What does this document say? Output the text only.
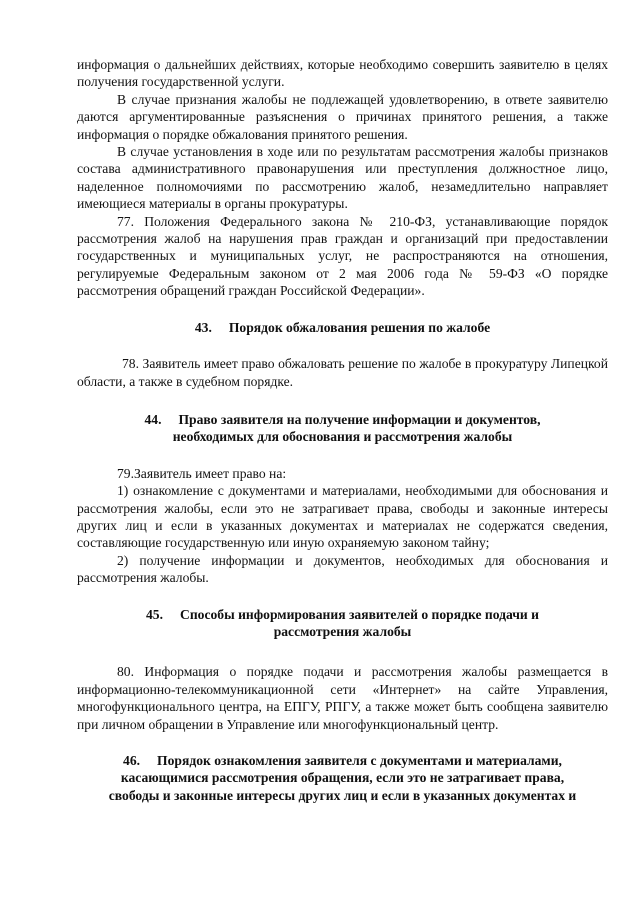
информация о дальнейших действиях, которые необходимо совершить заявителю в целях получения государственной услуги.

В случае признания жалобы не подлежащей удовлетворению, в ответе заявителю даются аргументированные разъяснения о причинах принятого решения, а также информация о порядке обжалования принятого решения.

В случае установления в ходе или по результатам рассмотрения жалобы признаков состава административного правонарушения или преступления должностное лицо, наделенное полномочиями по рассмотрению жалоб, незамедлительно направляет имеющиеся материалы в органы прокуратуры.

77. Положения Федерального закона № 210-ФЗ, устанавливающие порядок рассмотрения жалоб на нарушения прав граждан и организаций при предоставлении государственных и муниципальных услуг, не распространяются на отношения, регулируемые Федеральным законом от 2 мая 2006 года № 59-ФЗ «О порядке рассмотрения обращений граждан Российской Федерации».

43. Порядок обжалования решения по жалобе

78. Заявитель имеет право обжаловать решение по жалобе в прокуратуру Липецкой области, а также в судебном порядке.

44. Право заявителя на получение информации и документов,
необходимых для обоснования и рассмотрения жалобы

79.Заявитель имеет право на:

1) ознакомление с документами и материалами, необходимыми для обоснования и рассмотрения жалобы, если это не затрагивает права, свободы и законные интересы других лиц и если в указанных документах и материалах не содержатся сведения, составляющие государственную или иную охраняемую законом тайну;

2) получение информации и документов, необходимых для обоснования и рассмотрения жалобы.

45. Способы информирования заявителей о порядке подачи и
рассмотрения жалобы

80. Информация о порядке подачи и рассмотрения жалобы размещается в информационно-телекоммуникационной сети «Интернет» на сайте Управления, многофункционального центра, на ЕПГУ, РПГУ, а также может быть сообщена заявителю при личном обращении в Управление или многофункциональный центр.

46. Порядок ознакомления заявителя с документами и материалами,
касающимися рассмотрения обращения, если это не затрагивает права,
свободы и законные интересы других лиц и если в указанных документах и
